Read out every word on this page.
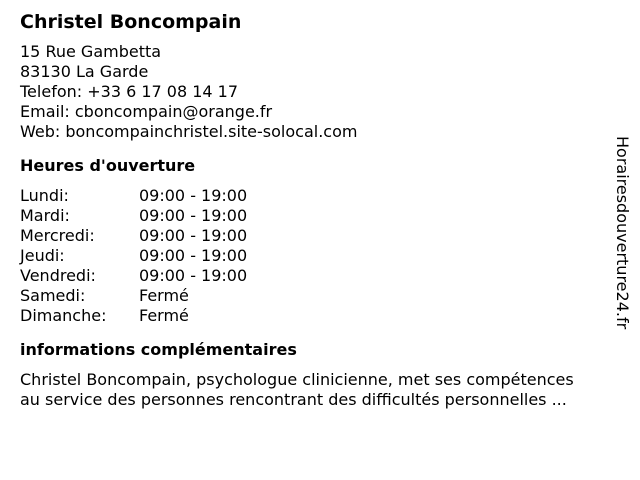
Christel Boncompain
15 Rue Gambetta
83130 La Garde
Telefon: +33 6 17 08 14 17
Email: cboncompain@orange.fr
Web: boncompainchristel.site-solocal.com
Heures d'ouverture
Lundi:	09:00 - 19:00
Mardi:	09:00 - 19:00
Mercredi:	09:00 - 19:00
Jeudi:	09:00 - 19:00
Vendredi:	09:00 - 19:00
Samedi:	Fermé
Dimanche: Fermé
informations complémentaires
Christel Boncompain, psychologue clinicienne, met ses compétences
au service des personnes rencontrant des difficultés personnelles ...
Horairesdouverture24.fr
